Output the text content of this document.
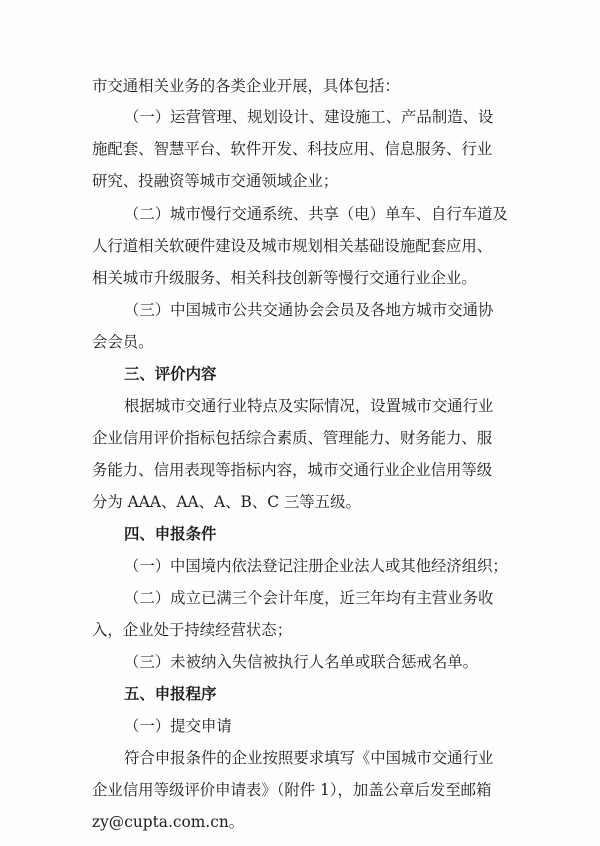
市交通相关业务的各类企业开展，具体包括：
（一）运营管理、规划设计、建设施工、产品制造、设
施配套、智慧平台、软件开发、科技应用、信息服务、行业
研究、投融资等城市交通领域企业；
（二）城市慢行交通系统、共享（电）单车、自行车道及
人行道相关软硬件建设及城市规划相关基础设施配套应用、
相关城市升级服务、相关科技创新等慢行交通行业企业。
（三）中国城市公共交通协会会员及各地方城市交通协
会会员。
三、评价内容
根据城市交通行业特点及实际情况，设置城市交通行业
企业信用评价指标包括综合素质、管理能力、财务能力、服
务能力、信用表现等指标内容，城市交通行业企业信用等级
分为 AAA、AA、A、B、C 三等五级。
四、申报条件
（一）中国境内依法登记注册企业法人或其他经济组织；
（二）成立已满三个会计年度，近三年均有主营业务收
入，企业处于持续经营状态；
（三）未被纳入失信被执行人名单或联合惩戒名单。
五、申报程序
（一）提交申请
符合申报条件的企业按照要求填写《中国城市交通行业
企业信用等级评价申请表》（附件 1），加盖公章后发至邮箱
zy@cupta.com.cn。
